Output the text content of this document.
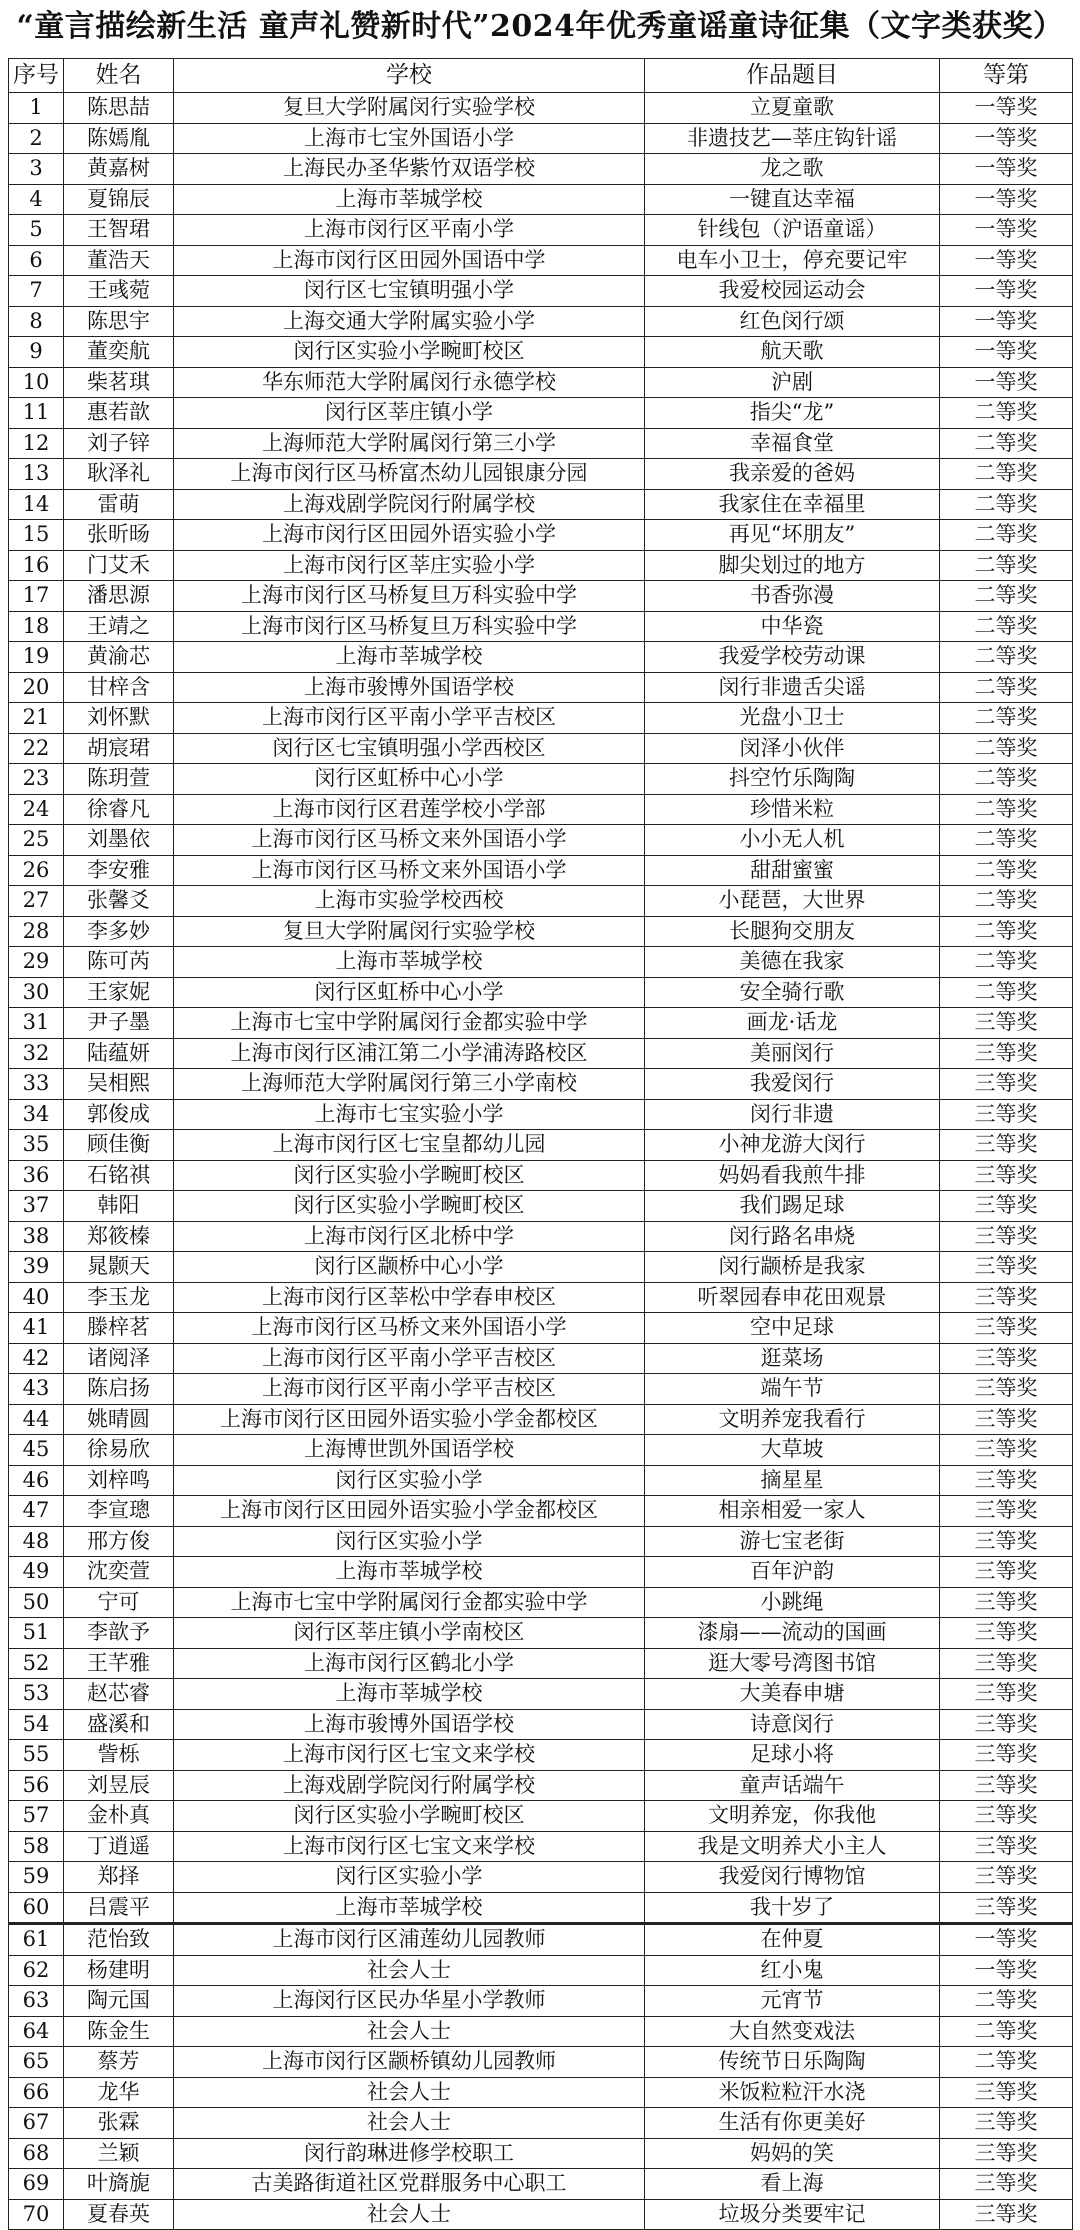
“童言描绘新生活 童声礼赞新时代”2024年优秀童谣童诗征集（文字类获奖）
序号	姓名	学校	作品题目	等第
1	陈思喆	复旦大学附属闵行实验学校	立夏童歌	一等奖
2	陈嫣胤	上海市七宝外国语小学	非遗技艺—莘庄钩针谣	一等奖
3	黄嘉树	上海民办圣华紫竹双语学校	龙之歌	一等奖
4	夏锦辰	上海市莘城学校	一键直达幸福	一等奖
5	王智珺	上海市闵行区平南小学	针线包（沪语童谣）	一等奖
6	董浩天	上海市闵行区田园外国语中学	电车小卫士，停充要记牢	一等奖
7	王彧菀	闵行区七宝镇明强小学	我爱校园运动会	一等奖
8	陈思宇	上海交通大学附属实验小学	红色闵行颂	一等奖
9	董奕航	闵行区实验小学畹町校区	航天歌	一等奖
10	柴茗琪	华东师范大学附属闵行永德学校	沪剧	一等奖
11	惠若歆	闵行区莘庄镇小学	指尖“龙”	二等奖
12	刘子锌	上海师范大学附属闵行第三小学	幸福食堂	二等奖
13	耿泽礼	上海市闵行区马桥富杰幼儿园银康分园	我亲爱的爸妈	二等奖
14	雷萌	上海戏剧学院闵行附属学校	我家住在幸福里	二等奖
15	张昕旸	上海市闵行区田园外语实验小学	再见“坏朋友”	二等奖
16	门艾禾	上海市闵行区莘庄实验小学	脚尖划过的地方	二等奖
17	潘思源	上海市闵行区马桥复旦万科实验中学	书香弥漫	二等奖
18	王靖之	上海市闵行区马桥复旦万科实验中学	中华瓷	二等奖
19	黄渝芯	上海市莘城学校	我爱学校劳动课	二等奖
20	甘梓含	上海市骏博外国语学校	闵行非遗舌尖谣	二等奖
21	刘怀默	上海市闵行区平南小学平吉校区	光盘小卫士	二等奖
22	胡宸珺	闵行区七宝镇明强小学西校区	闵泽小伙伴	二等奖
23	陈玥萱	闵行区虹桥中心小学	抖空竹乐陶陶	二等奖
24	徐睿凡	上海市闵行区君莲学校小学部	珍惜米粒	二等奖
25	刘墨依	上海市闵行区马桥文来外国语小学	小小无人机	二等奖
26	李安雅	上海市闵行区马桥文来外国语小学	甜甜蜜蜜	二等奖
27	张馨爻	上海市实验学校西校	小琵琶，大世界	二等奖
28	李多妙	复旦大学附属闵行实验学校	长腿狗交朋友	二等奖
29	陈可芮	上海市莘城学校	美德在我家	二等奖
30	王家妮	闵行区虹桥中心小学	安全骑行歌	二等奖
31	尹子墨	上海市七宝中学附属闵行金都实验中学	画龙·话龙	三等奖
32	陆蕴妍	上海市闵行区浦江第二小学浦涛路校区	美丽闵行	三等奖
33	吴相熙	上海师范大学附属闵行第三小学南校	我爱闵行	三等奖
34	郭俊成	上海市七宝实验小学	闵行非遗	三等奖
35	顾佳衡	上海市闵行区七宝皇都幼儿园	小神龙游大闵行	三等奖
36	石铭祺	闵行区实验小学畹町校区	妈妈看我煎牛排	三等奖
37	韩阳	闵行区实验小学畹町校区	我们踢足球	三等奖
38	郑筱榛	上海市闵行区北桥中学	闵行路名串烧	三等奖
39	晁颢天	闵行区颛桥中心小学	闵行颛桥是我家	三等奖
40	李玉龙	上海市闵行区莘松中学春申校区	听翠园春申花田观景	三等奖
41	滕梓茗	上海市闵行区马桥文来外国语小学	空中足球	三等奖
42	诸阅泽	上海市闵行区平南小学平吉校区	逛菜场	三等奖
43	陈启扬	上海市闵行区平南小学平吉校区	端午节	三等奖
44	姚晴圆	上海市闵行区田园外语实验小学金都校区	文明养宠我看行	三等奖
45	徐易欣	上海博世凯外国语学校	大草坡	三等奖
46	刘梓鸣	闵行区实验小学	摘星星	三等奖
47	李宣璁	上海市闵行区田园外语实验小学金都校区	相亲相爱一家人	三等奖
48	邢方俊	闵行区实验小学	游七宝老街	三等奖
49	沈奕萱	上海市莘城学校	百年沪韵	三等奖
50	宁可	上海市七宝中学附属闵行金都实验中学	小跳绳	三等奖
51	李歆予	闵行区莘庄镇小学南校区	漆扇——流动的国画	三等奖
52	王芊雅	上海市闵行区鹤北小学	逛大零号湾图书馆	三等奖
53	赵芯睿	上海市莘城学校	大美春申塘	三等奖
54	盛溪和	上海市骏博外国语学校	诗意闵行	三等奖
55	訾栎	上海市闵行区七宝文来学校	足球小将	三等奖
56	刘昱辰	上海戏剧学院闵行附属学校	童声话端午	三等奖
57	金朴真	闵行区实验小学畹町校区	文明养宠，你我他	三等奖
58	丁逍遥	上海市闵行区七宝文来学校	我是文明养犬小主人	三等奖
59	郑择	闵行区实验小学	我爱闵行博物馆	三等奖
60	吕震平	上海市莘城学校	我十岁了	三等奖
61	范怡致	上海市闵行区浦莲幼儿园教师	在仲夏	一等奖
62	杨建明	社会人士	红小鬼	一等奖
63	陶元国	上海闵行区民办华星小学教师	元宵节	二等奖
64	陈金生	社会人士	大自然变戏法	二等奖
65	蔡芳	上海市闵行区颛桥镇幼儿园教师	传统节日乐陶陶	二等奖
66	龙华	社会人士	米饭粒粒汗水浇	三等奖
67	张霖	社会人士	生活有你更美好	三等奖
68	兰颖	闵行韵琳进修学校职工	妈妈的笑	三等奖
69	叶旖旎	古美路街道社区党群服务中心职工	看上海	三等奖
70	夏春英	社会人士	垃圾分类要牢记	三等奖
